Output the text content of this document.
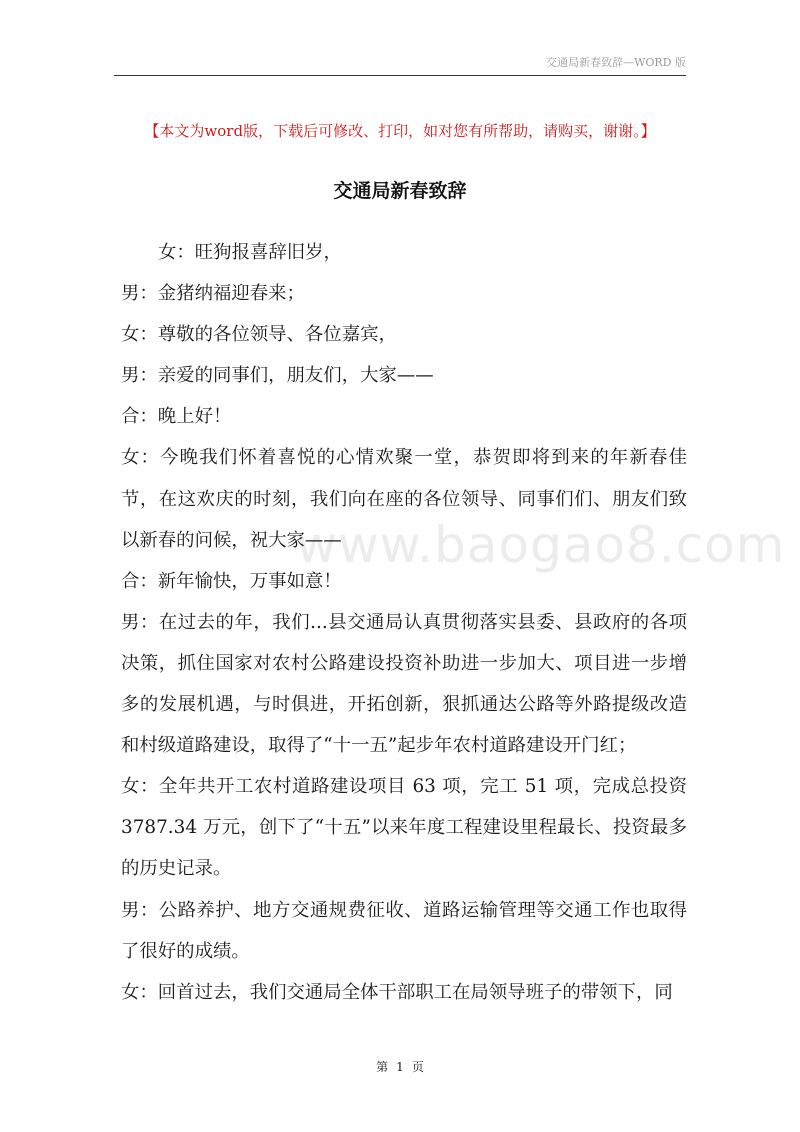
交通局新春致辞—WORD 版
【本文为word版，下载后可修改、打印，如对您有所帮助，请购买，谢谢。】
交通局新春致辞
www.baogao8.com

女：旺狗报喜辞旧岁，

男：金猪纳福迎春来；

女：尊敬的各位领导、各位嘉宾，

男：亲爱的同事们，朋友们，大家——

合：晚上好！

女：今晚我们怀着喜悦的心情欢聚一堂，恭贺即将到来的年新春佳节，在这欢庆的时刻，我们向在座的各位领导、同事们们、朋友们致以新春的问候，祝大家——

合：新年愉快，万事如意！

男：在过去的年，我们...县交通局认真贯彻落实县委、县政府的各项决策，抓住国家对农村公路建设投资补助进一步加大、项目进一步增多的发展机遇，与时俱进，开拓创新，狠抓通达公路等外路提级改造和村级道路建设，取得了“十一五”起步年农村道路建设开门红；

女：全年共开工农村道路建设项目 63 项，完工 51 项，完成总投资 3787.34 万元，创下了“十五”以来年度工程建设里程最长、投资最多的历史记录。

男：公路养护、地方交通规费征收、道路运输管理等交通工作也取得了很好的成绩。

女：回首过去，我们交通局全体干部职工在局领导班子的带领下，同

第 1 页
